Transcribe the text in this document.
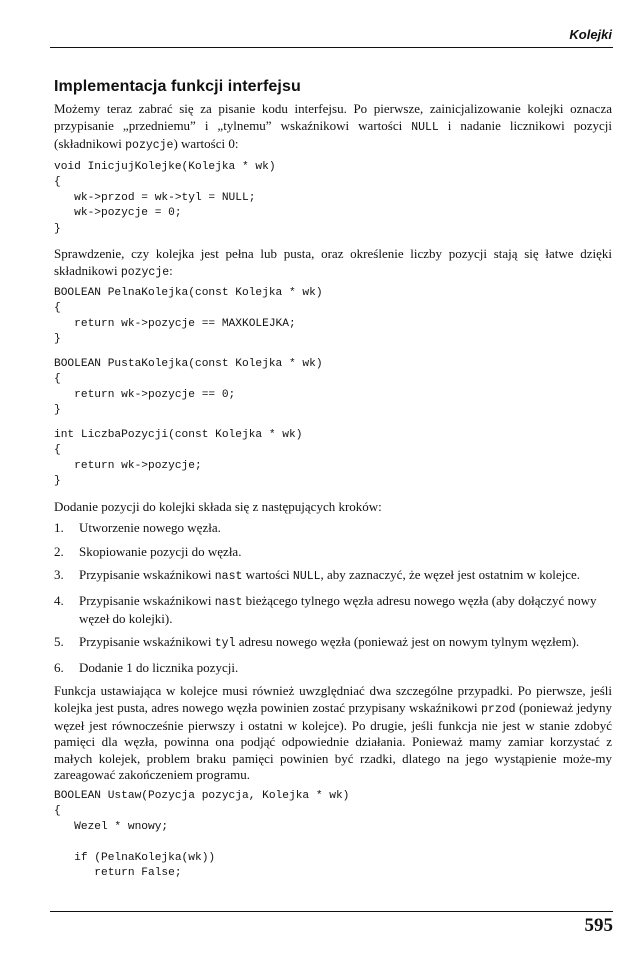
Kolejki
Implementacja funkcji interfejsu

Możemy teraz zabrać się za pisanie kodu interfejsu. Po pierwsze, zainicjalizowanie kolejki oznacza przypisanie „przedniemu” i „tylnemu” wskaźnikowi wartości NULL i nadanie licznikowi pozycji (składnikowi pozycje) wartości 0:

void InicjujKolejke(Kolejka * wk)
{
wk->przod = wk->tyl = NULL;
wk->pozycje = 0;
}

Sprawdzenie, czy kolejka jest pełna lub pusta, oraz określenie liczby pozycji stają się łatwe dzięki składnikowi pozycje:

BOOLEAN PelnaKolejka(const Kolejka * wk)
{
return wk->pozycje == MAXKOLEJKA;
}
BOOLEAN PustaKolejka(const Kolejka * wk)
{
return wk->pozycje == 0;
}
int LiczbaPozycji(const Kolejka * wk)
{
return wk->pozycje;
}

Dodanie pozycji do kolejki składa się z następujących kroków:

1.	Utworzenie nowego węzła.
2.	Skopiowanie pozycji do węzła.
3.	Przypisanie wskaźnikowi nast wartości NULL, aby zaznaczyć, że węzeł jest ostatnim w kolejce.
4.	Przypisanie wskaźnikowi nast bieżącego tylnego węzła adresu nowego węzła (aby dołączyć nowy węzeł do kolejki).
5.	Przypisanie wskaźnikowi tyl adresu nowego węzła (ponieważ jest on nowym tylnym węzłem).
6.	Dodanie 1 do licznika pozycji.

Funkcja ustawiająca w kolejce musi również uwzględniać dwa szczególne przypadki. Po pierwsze, jeśli kolejka jest pusta, adres nowego węzła powinien zostać przypisany wskaźnikowi przod (ponieważ jedyny węzeł jest równocześnie pierwszy i ostatni w kolejce). Po drugie, jeśli funkcja nie jest w stanie zdobyć pamięci dla węzła, powinna ona podjąć odpowiednie działania. Ponieważ mamy zamiar korzystać z małych kolejek, problem braku pamięci powinien być rzadki, dlatego na jego wystąpienie może-my zareagować zakończeniem programu.

BOOLEAN Ustaw(Pozycja pozycja, Kolejka * wk)
{
Wezel * wnowy;

if (PelnaKolejka(wk))
return False;
595
